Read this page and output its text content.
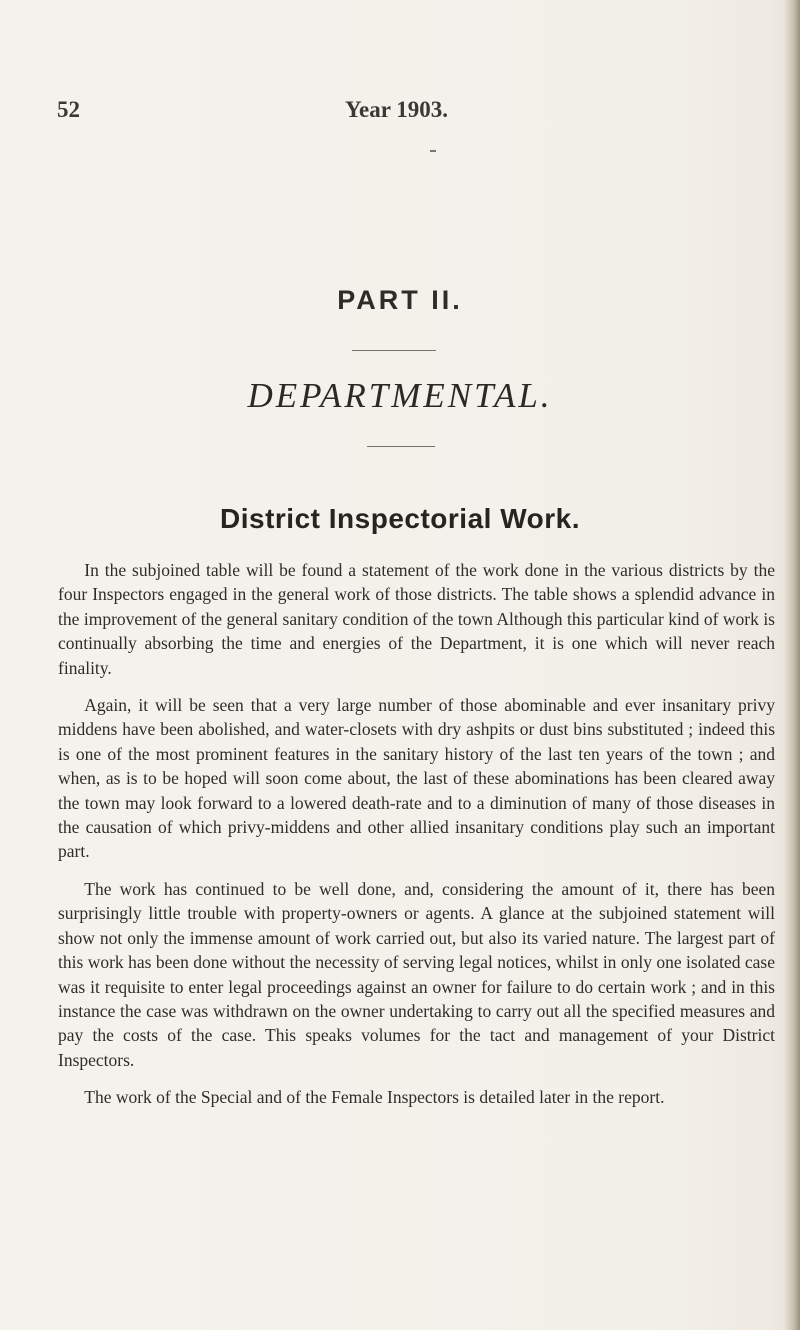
52	Year 1903.
PART II.
DEPARTMENTAL.
District Inspectorial Work.

In the subjoined table will be found a statement of the work done in the various districts by the four Inspectors engaged in the general work of those districts. The table shows a splendid advance in the improvement of the general sanitary condition of the town Although this particular kind of work is continually absorbing the time and energies of the Department, it is one which will never reach finality.

Again, it will be seen that a very large number of those abominable and ever insanitary privy middens have been abolished, and water-closets with dry ashpits or dust bins substituted ; indeed this is one of the most prominent features in the sanitary history of the last ten years of the town ; and when, as is to be hoped will soon come about, the last of these abominations has been cleared away the town may look forward to a lowered death-rate and to a diminution of many of those diseases in the causation of which privy-middens and other allied insanitary conditions play such an important part.

The work has continued to be well done, and, considering the amount of it, there has been surprisingly little trouble with property-owners or agents. A glance at the subjoined statement will show not only the immense amount of work carried out, but also its varied nature. The largest part of this work has been done without the necessity of serving legal notices, whilst in only one isolated case was it requisite to enter legal proceedings against an owner for failure to do certain work ; and in this instance the case was withdrawn on the owner undertaking to carry out all the specified measures and pay the costs of the case. This speaks volumes for the tact and management of your District Inspectors.

The work of the Special and of the Female Inspectors is detailed later in the report.
